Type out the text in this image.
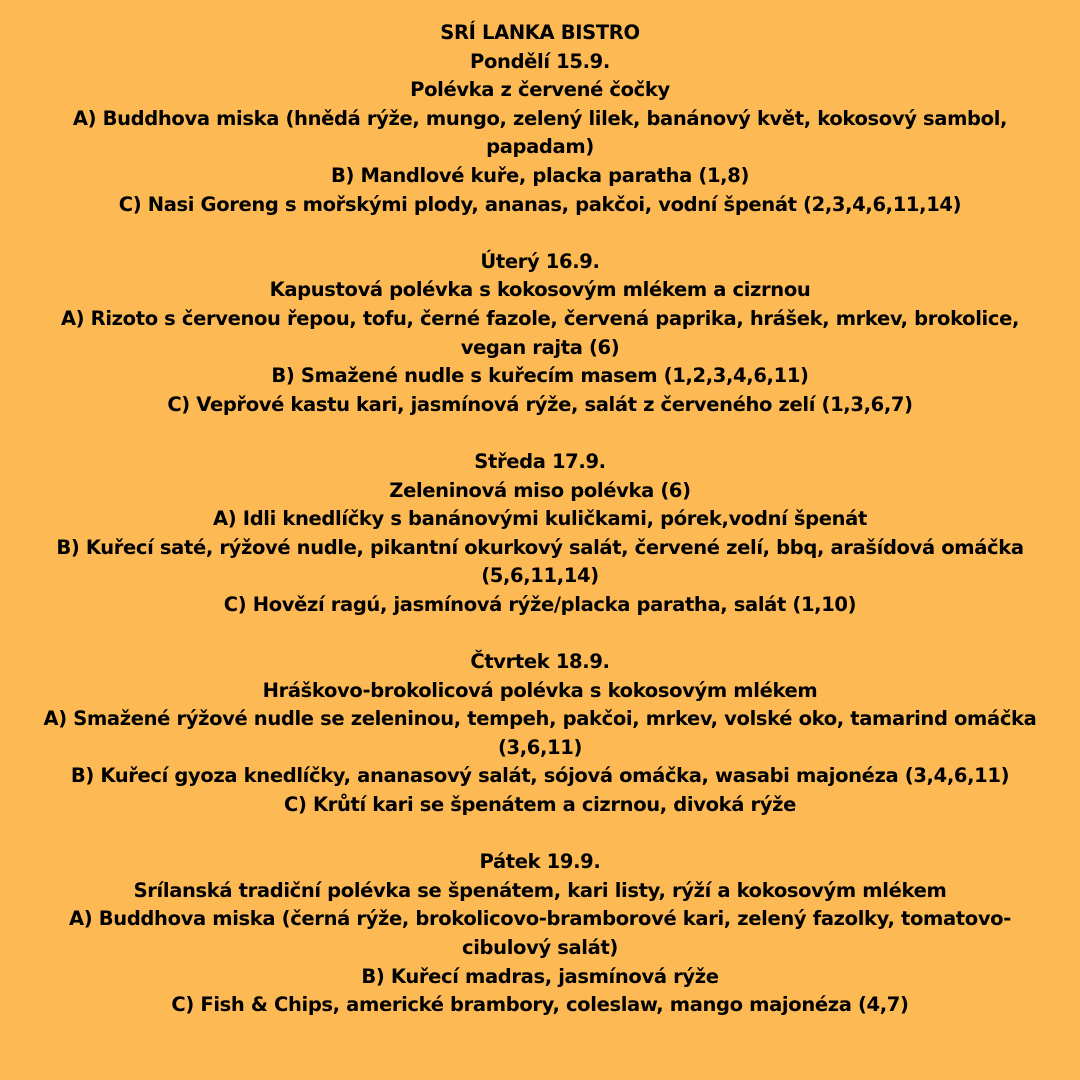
SRÍ LANKA BISTRO
Pondělí 15.9.
Polévka z červené čočky
A) Buddhova miska (hnědá rýže, mungo, zelený lilek, banánový květ, kokosový sambol,
papadam)
B) Mandlové kuře, placka paratha (1,8)
C) Nasi Goreng s mořskými plody, ananas, pakčoi, vodní špenát (2,3,4,6,11,14)
Úterý 16.9.
Kapustová polévka s kokosovým mlékem a cizrnou
A) Rizoto s červenou řepou, tofu, černé fazole, červená paprika, hrášek, mrkev, brokolice,
vegan rajta (6)
B) Smažené nudle s kuřecím masem (1,2,3,4,6,11)
C) Vepřové kastu kari, jasmínová rýže, salát z červeného zelí (1,3,6,7)
Středa 17.9.
Zeleninová miso polévka (6)
A) Idli knedlíčky s banánovými kuličkami, pórek,vodní špenát
B) Kuřecí saté, rýžové nudle, pikantní okurkový salát, červené zelí, bbq, arašídová omáčka
(5,6,11,14)
C) Hovězí ragú, jasmínová rýže/placka paratha, salát (1,10)
Čtvrtek 18.9.
Hráškovo-brokolicová polévka s kokosovým mlékem
A) Smažené rýžové nudle se zeleninou, tempeh, pakčoi, mrkev, volské oko, tamarind omáčka
(3,6,11)
B) Kuřecí gyoza knedlíčky, ananasový salát, sójová omáčka, wasabi majonéza (3,4,6,11)
C) Krůtí kari se špenátem a cizrnou, divoká rýže
Pátek 19.9.
Srílanská tradiční polévka se špenátem, kari listy, rýží a kokosovým mlékem
A) Buddhova miska (černá rýže, brokolicovo-bramborové kari, zelený fazolky, tomatovo-
cibulový salát)
B) Kuřecí madras, jasmínová rýže
C) Fish & Chips, americké brambory, coleslaw, mango majonéza (4,7)
